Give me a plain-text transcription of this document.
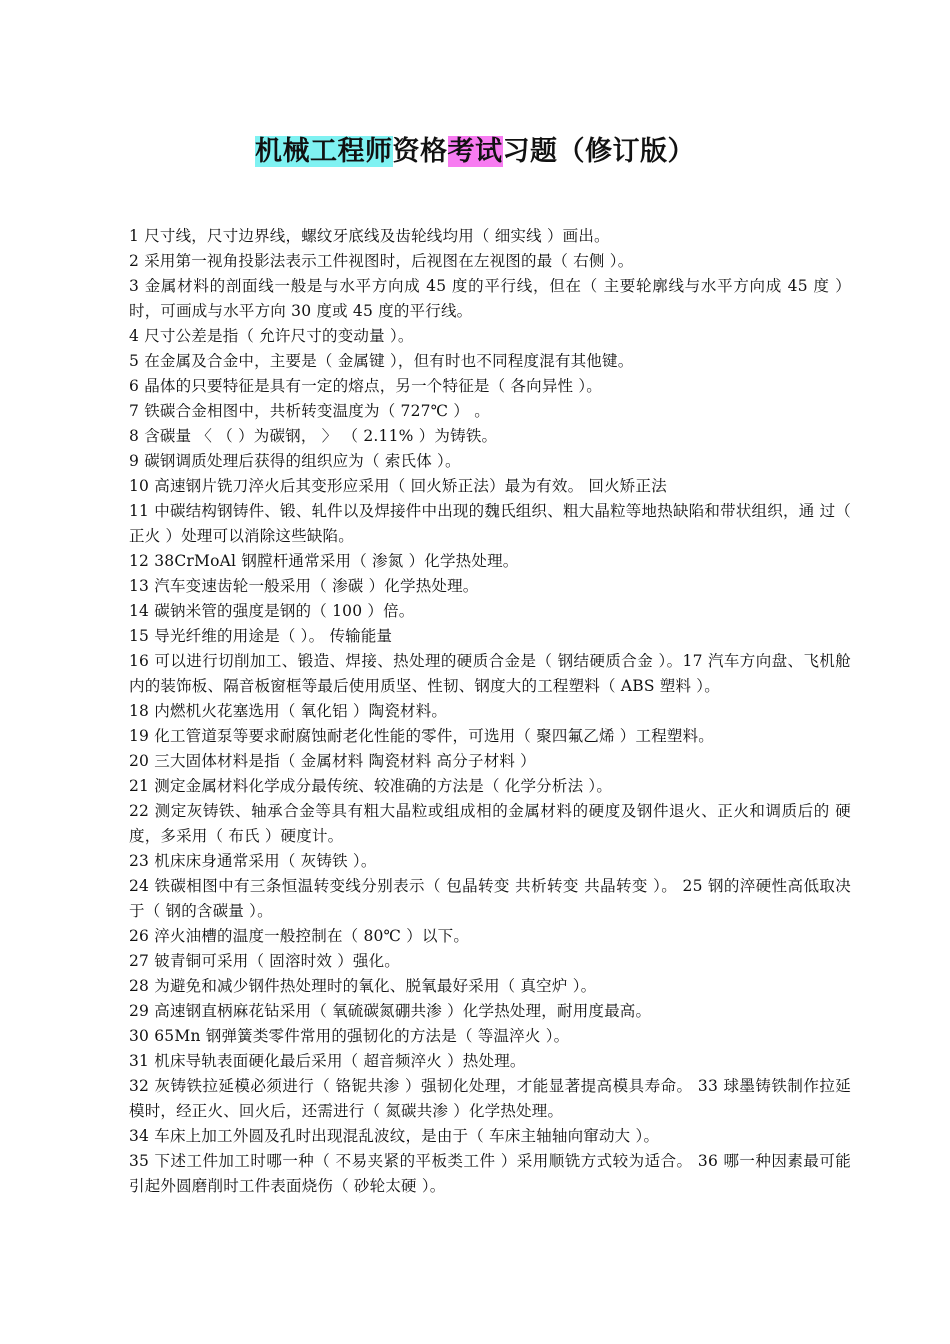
机械工程师资格考试习题（修订版）

1 尺寸线，尺寸边界线，螺纹牙底线及齿轮线均用（ 细实线 ）画出。

2 采用第一视角投影法表示工件视图时，后视图在左视图的最（ 右侧 ）。

3 金属材料的剖面线一般是与水平方向成 45 度的平行线，但在（ 主要轮廓线与水平方向成 45 度 ） 时，可画成与水平方向 30 度或 45 度的平行线。

4 尺寸公差是指（ 允许尺寸的变动量 ）。

5 在金属及合金中，主要是（ 金属键 ），但有时也不同程度混有其他键。

6 晶体的只要特征是具有一定的熔点，另一个特征是（ 各向异性 ）。

7 铁碳合金相图中，共析转变温度为（ 727℃ ） 。

8 含碳量 〈 （ ）为碳钢， 〉 （ 2.11% ）为铸铁。

9 碳钢调质处理后获得的组织应为（ 索氏体 ）。

10 高速钢片铣刀淬火后其变形应采用（ 回火矫正法）最为有效。 回火矫正法

11 中碳结构钢铸件、锻、轧件以及焊接件中出现的魏氏组织、粗大晶粒等地热缺陷和带状组织，通 过（ 正火 ）处理可以消除这些缺陷。

12 38CrMoAl 钢膛杆通常采用（ 渗氮 ）化学热处理。

13 汽车变速齿轮一般采用（ 渗碳 ）化学热处理。

14 碳钠米管的强度是钢的（ 100 ）倍。

15 导光纤维的用途是（ ）。 传输能量

16 可以进行切削加工、锻造、焊接、热处理的硬质合金是（ 钢结硬质合金 ）。17 汽车方向盘、飞机舱内的装饰板、隔音板窗框等最后使用质坚、性韧、钢度大的工程塑料（ ABS 塑料 ）。

18 内燃机火花塞选用（ 氧化铝 ）陶瓷材料。

19 化工管道泵等要求耐腐蚀耐老化性能的零件，可选用（ 聚四氟乙烯 ）工程塑料。

20 三大固体材料是指（ 金属材料 陶瓷材料 高分子材料 ）

21 测定金属材料化学成分最传统、较准确的方法是（ 化学分析法 ）。

22 测定灰铸铁、轴承合金等具有粗大晶粒或组成相的金属材料的硬度及钢件退火、正火和调质后的 硬度，多采用（ 布氏 ）硬度计。

23 机床床身通常采用（ 灰铸铁 ）。

24 铁碳相图中有三条恒温转变线分别表示（ 包晶转变 共析转变 共晶转变 ）。 25 钢的淬硬性高低取决于（ 钢的含碳量 ）。

26 淬火油槽的温度一般控制在（ 80℃ ）以下。

27 铍青铜可采用（ 固溶时效 ）强化。

28 为避免和减少钢件热处理时的氧化、脱氧最好采用（ 真空炉 ）。

29 高速钢直柄麻花钻采用（ 氧硫碳氮硼共渗 ）化学热处理，耐用度最高。

30 65Mn 钢弹簧类零件常用的强韧化的方法是（ 等温淬火 ）。

31 机床导轨表面硬化最后采用（ 超音频淬火 ）热处理。

32 灰铸铁拉延模必须进行（ 铬铌共渗 ）强韧化处理，才能显著提高模具寿命。 33 球墨铸铁制作拉延模时，经正火、回火后，还需进行（ 氮碳共渗 ）化学热处理。

34 车床上加工外圆及孔时出现混乱波纹，是由于（ 车床主轴轴向窜动大 ）。

35 下述工件加工时哪一种（ 不易夹紧的平板类工件 ）采用顺铣方式较为适合。 36 哪一种因素最可能引起外圆磨削时工件表面烧伤（ 砂轮太硬 ）。
